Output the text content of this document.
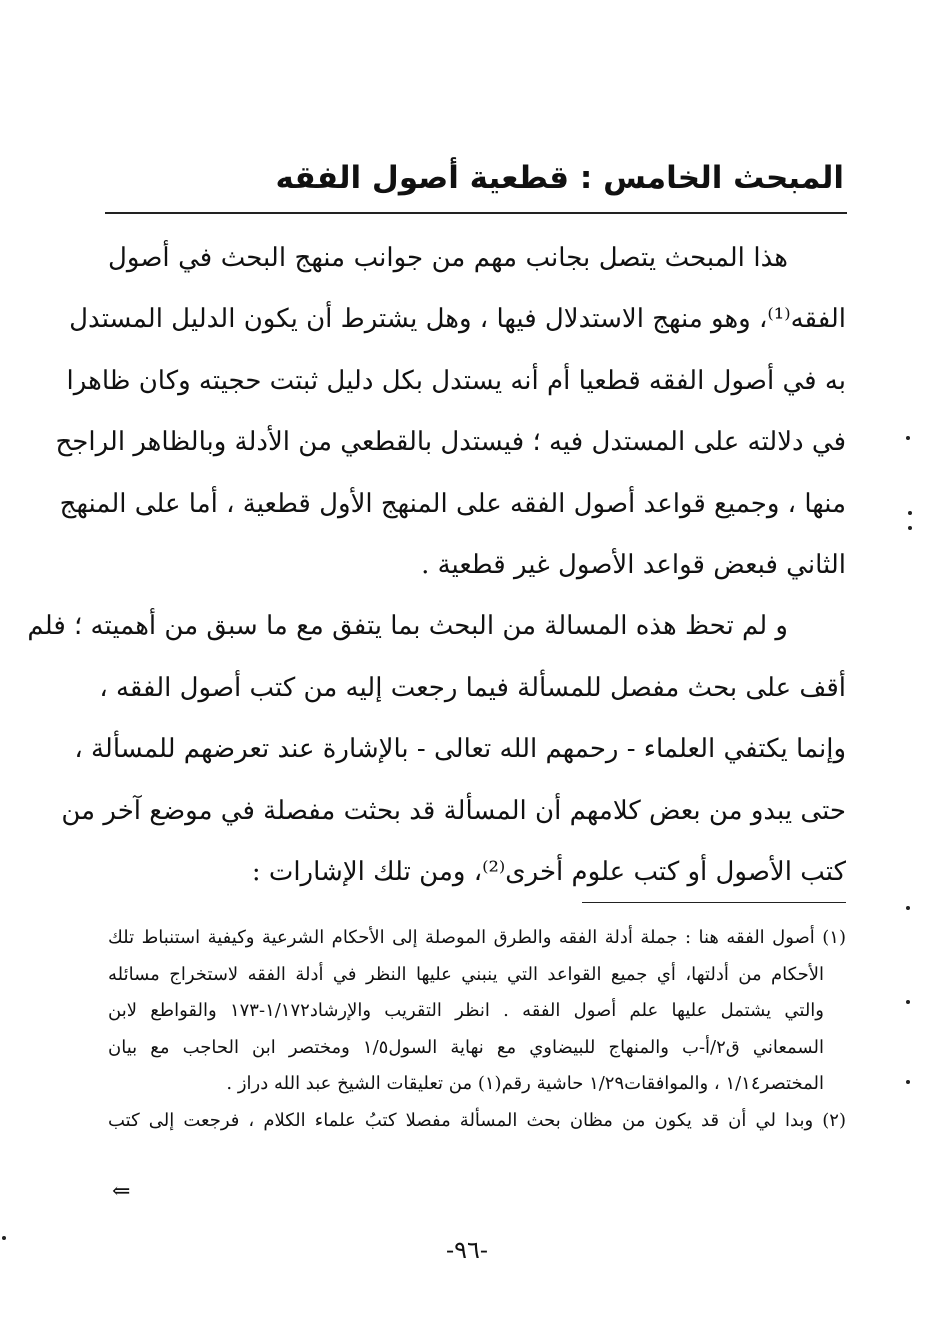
المبحث الخامس : قطعية أصول الفقه
هذا المبحث يتصل بجانب مهم من جوانب منهج البحث في أصول
الفقه⁽¹⁾، وهو منهج الاستدلال فيها ، وهل يشترط أن يكون الدليل المستدل
به في أصول الفقه قطعيا أم أنه يستدل بكل دليل ثبتت حجيته وكان ظاهرا
في دلالته على المستدل فيه ؛ فيستدل بالقطعي من الأدلة وبالظاهر الراجح
منها ، وجميع قواعد أصول الفقه على المنهج الأول قطعية ، أما على المنهج
الثاني فبعض قواعد الأصول غير قطعية .
و لم تحظ هذه المسالة من البحث بما يتفق مع ما سبق من أهميته ؛ فلم
أقف على بحث مفصل للمسألة فيما رجعت إليه من كتب أصول الفقه ،
وإنما يكتفي العلماء - رحمهم الله تعالى - بالإشارة عند تعرضهم للمسألة ،
حتى يبدو من بعض كلامهم أن المسألة قد بحثت مفصلة في موضع آخر من
كتب الأصول أو كتب علوم أخرى⁽²⁾، ومن تلك الإشارات :
(١) أصول الفقه هنا : جملة أدلة الفقه والطرق الموصلة إلى الأحكام الشرعية وكيفية استنباط تلك
الأحكام من أدلتها، أي جميع القواعد التي ينبني عليها النظر في أدلة الفقه لاستخراج مسائله
والتي يشتمل عليها علم أصول الفقه . انظر التقريب والإرشاد١/١٧٢-١٧٣ والقواطع لابن
السمعاني ق٢/أ-ب والمنهاج للبيضاوي مع نهاية السول١/٥ ومختصر ابن الحاجب مع بيان
المختصر١/١٤ ، والموافقات١/٢٩ حاشية رقم(١) من تعليقات الشيخ عبد الله دراز .
(٢) وبدا لي أن قد يكون من مظان بحث المسألة مفصلا كتبُ علماء الكلام ، فرجعت إلى كتب
⇐
-٩٦-
